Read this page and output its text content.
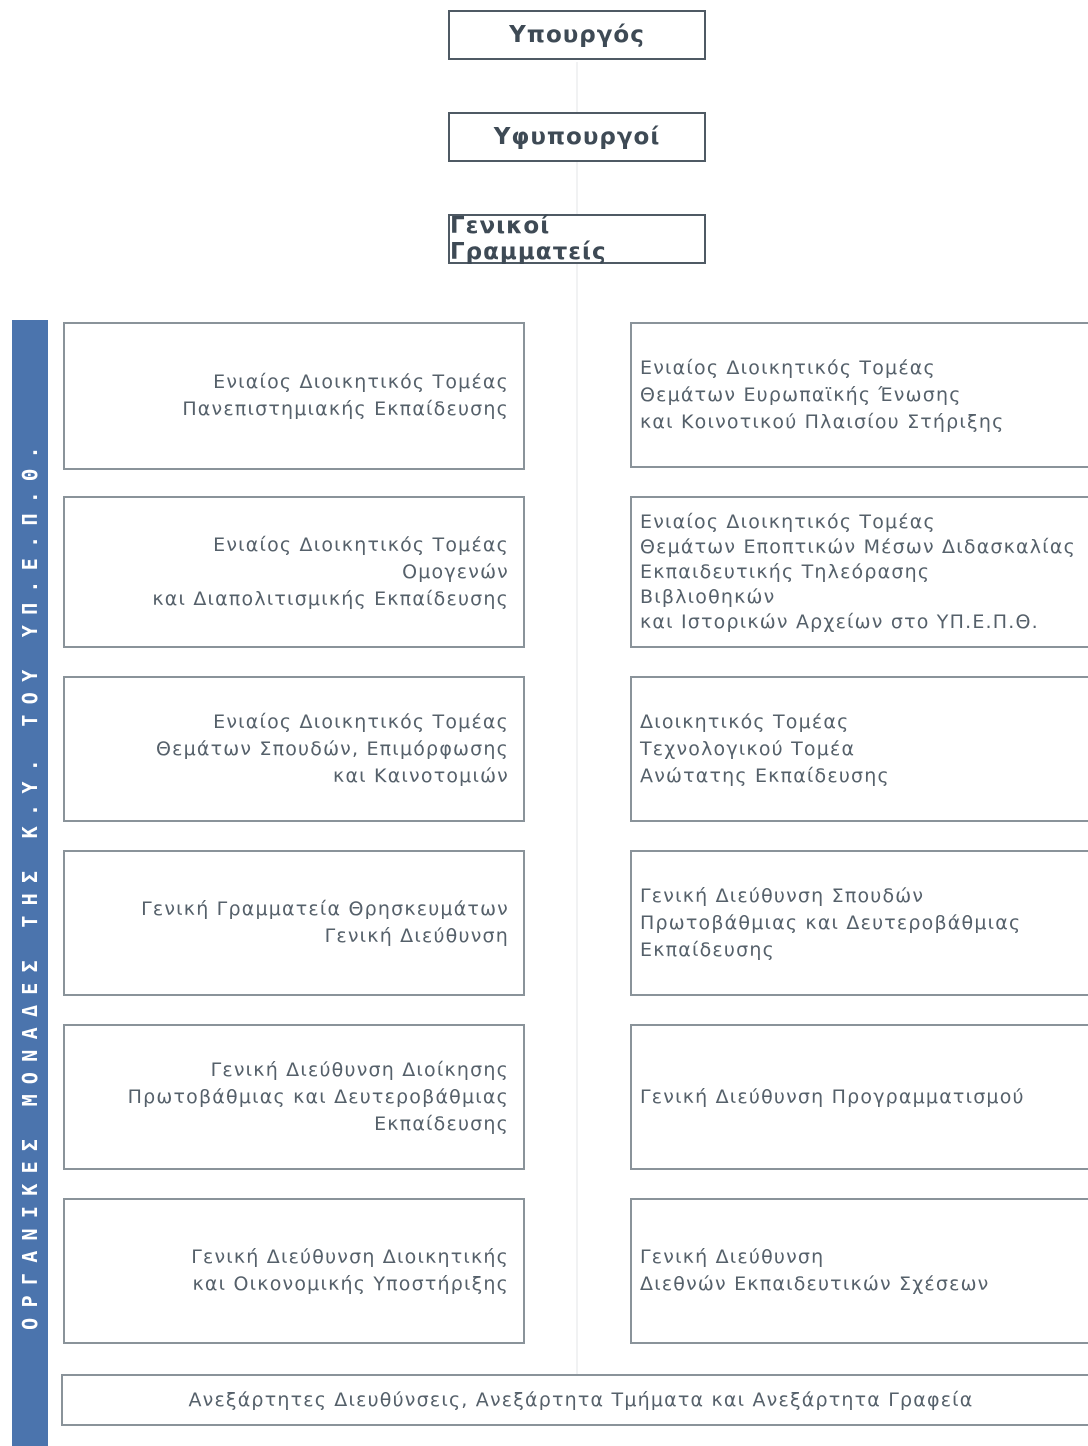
Υπουργός
Υφυπουργοί
Γενικοί Γραμματείς
ΟΡΓΑΝΙΚΕΣ ΜΟΝΑΔΕΣ ΤΗΣ Κ.Υ. ΤΟΥ ΥΠ.Ε.Π.Θ.
Ενιαίος Διοικητικός Τομέας
Πανεπιστημιακής Εκπαίδευσης
Ενιαίος Διοικητικός Τομέας
Ομογενών
και Διαπολιτισμικής Εκπαίδευσης
Ενιαίος Διοικητικός Τομέας
Θεμάτων Σπουδών, Επιμόρφωσης
και Καινοτομιών
Γενική Γραμματεία Θρησκευμάτων
Γενική Διεύθυνση
Γενική Διεύθυνση Διοίκησης
Πρωτοβάθμιας και Δευτεροβάθμιας
Εκπαίδευσης
Γενική Διεύθυνση Διοικητικής
και Οικονομικής Υποστήριξης
Ενιαίος Διοικητικός Τομέας
Θεμάτων Ευρωπαϊκής Ένωσης
και Κοινοτικού Πλαισίου Στήριξης
Ενιαίος Διοικητικός Τομέας
Θεμάτων Εποπτικών Μέσων Διδασκαλίας
Εκπαιδευτικής Τηλεόρασης
Βιβλιοθηκών
και Ιστορικών Αρχείων στο ΥΠ.Ε.Π.Θ.
Διοικητικός Τομέας
Τεχνολογικού Τομέα
Ανώτατης Εκπαίδευσης
Γενική Διεύθυνση Σπουδών
Πρωτοβάθμιας και Δευτεροβάθμιας
Εκπαίδευσης
Γενική Διεύθυνση Προγραμματισμού
Γενική Διεύθυνση
Διεθνών Εκπαιδευτικών Σχέσεων
Ανεξάρτητες Διευθύνσεις, Ανεξάρτητα Τμήματα και Ανεξάρτητα Γραφεία
